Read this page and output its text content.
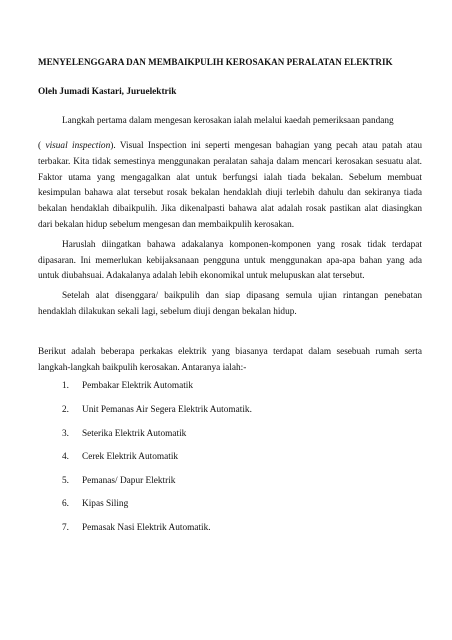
MENYELENGGARA DAN MEMBAIKPULIH KEROSAKAN PERALATAN ELEKTRIK
Oleh Jumadi Kastari, Juruelektrik
Langkah pertama dalam mengesan kerosakan ialah melalui kaedah pemeriksaan pandang

( visual inspection). Visual Inspection ini seperti mengesan bahagian yang pecah atau patah atau terbakar. Kita tidak semestinya menggunakan peralatan sahaja dalam mencari kerosakan sesuatu alat. Faktor utama yang mengagalkan alat untuk berfungsi ialah tiada bekalan. Sebelum membuat kesimpulan bahawa alat tersebut rosak bekalan hendaklah diuji terlebih dahulu dan sekiranya tiada bekalan hendaklah dibaikpulih. Jika dikenalpasti bahawa alat adalah rosak pastikan alat diasingkan dari bekalan hidup sebelum mengesan dan membaikpulih kerosakan.

Haruslah diingatkan bahawa adakalanya komponen-komponen yang rosak tidak terdapat dipasaran. Ini memerlukan kebijaksanaan pengguna untuk menggunakan apa-apa bahan yang ada untuk diubahsuai. Adakalanya adalah lebih ekonomikal untuk melupuskan alat tersebut.

Setelah alat disenggara/ baikpulih dan siap dipasang semula ujian rintangan penebatan hendaklah dilakukan sekali lagi, sebelum diuji dengan bekalan hidup.

Berikut adalah beberapa perkakas elektrik yang biasanya terdapat dalam sesebuah rumah serta langkah-langkah baikpulih kerosakan. Antaranya ialah:-

1. Pembakar Elektrik Automatik
2. Unit Pemanas Air Segera Elektrik Automatik.
3. Seterika Elektrik Automatik
4. Cerek Elektrik Automatik
5. Pemanas/ Dapur Elektrik
6. Kipas Siling
7. Pemasak Nasi Elektrik Automatik.
